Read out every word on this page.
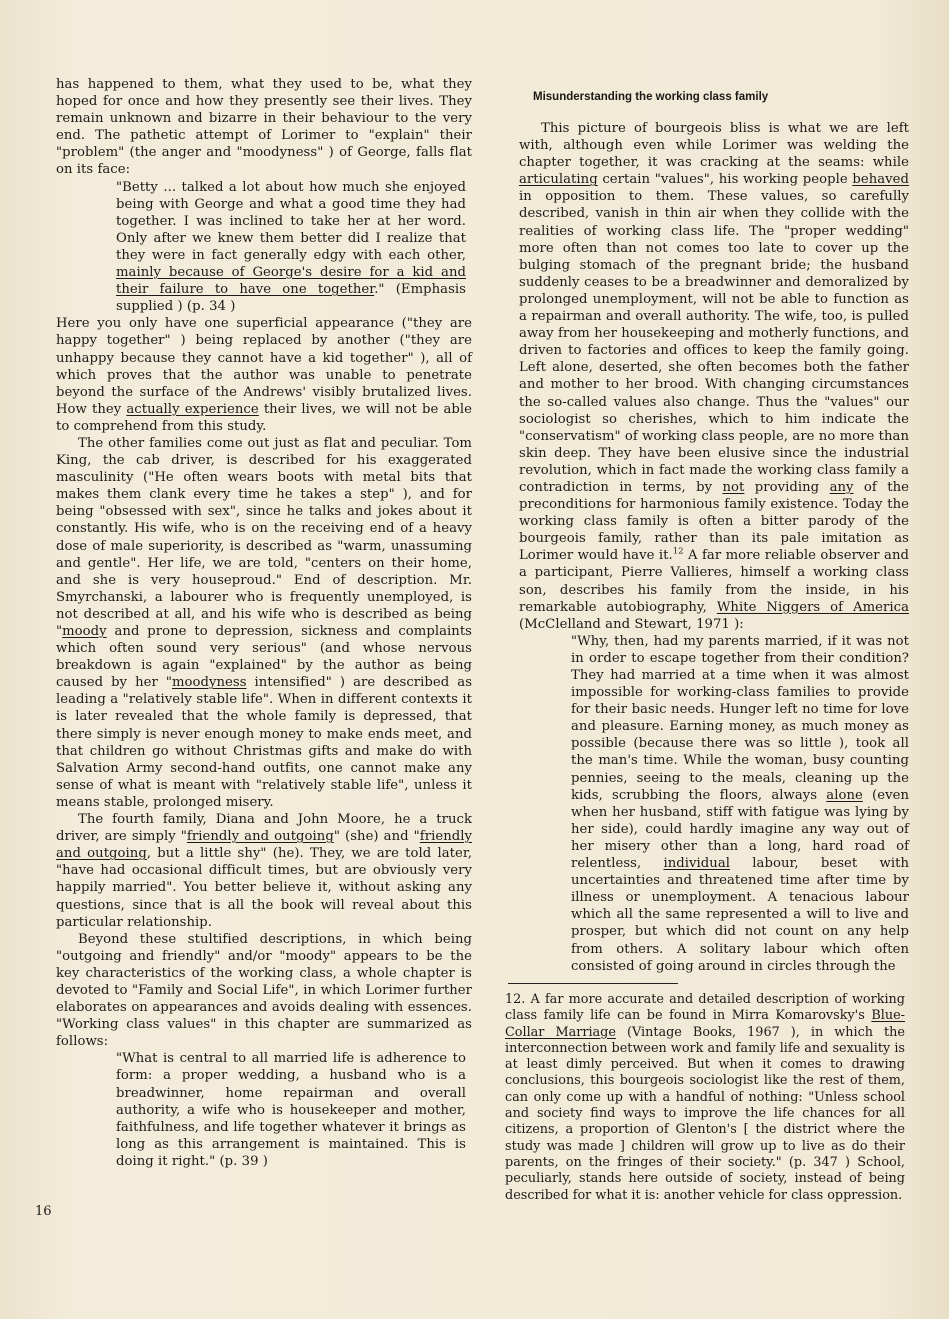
has happened to them, what they used to be, what they hoped for once and how they presently see their lives. They remain unknown and bizarre in their behaviour to the very end. The pathetic attempt of Lorimer to "explain" their "problem" (the anger and "moodyness" ) of George, falls flat on its face:

"Betty ... talked a lot about how much she enjoyed being with George and what a good time they had together. I was inclined to take her at her word. Only after we knew them better did I realize that they were in fact generally edgy with each other, mainly because of George's desire for a kid and their failure to have one together." (Emphasis supplied ) (p. 34 )

Here you only have one superficial appearance ("they are happy together" ) being replaced by another ("they are unhappy because they cannot have a kid together" ), all of which proves that the author was unable to penetrate beyond the surface of the Andrews' visibly brutalized lives. How they actually experience their lives, we will not be able to comprehend from this study.

The other families come out just as flat and peculiar. Tom King, the cab driver, is described for his exaggerated masculinity ("He often wears boots with metal bits that makes them clank every time he takes a step" ), and for being "obsessed with sex", since he talks and jokes about it constantly. His wife, who is on the receiving end of a heavy dose of male superiority, is described as "warm, unassuming and gentle". Her life, we are told, "centers on their home, and she is very houseproud." End of description. Mr. Smyrchanski, a labourer who is frequently unemployed, is not described at all, and his wife who is described as being "moody and prone to depression, sickness and complaints which often sound very serious" (and whose nervous breakdown is again "explained" by the author as being caused by her "moodyness intensified" ) are described as leading a "relatively stable life". When in different contexts it is later revealed that the whole family is depressed, that there simply is never enough money to make ends meet, and that children go without Christmas gifts and make do with Salvation Army second-hand outfits, one cannot make any sense of what is meant with "relatively stable life", unless it means stable, prolonged misery.

The fourth family, Diana and John Moore, he a truck driver, are simply "friendly and outgoing" (she) and "friendly and outgoing, but a little shy" (he). They, we are told later, "have had occasional difficult times, but are obviously very happily married". You better believe it, without asking any questions, since that is all the book will reveal about this particular relationship.

Beyond these stultified descriptions, in which being "outgoing and friendly" and/or "moody" appears to be the key characteristics of the working class, a whole chapter is devoted to "Family and Social Life", in which Lorimer further elaborates on appearances and avoids dealing with essences. "Working class values" in this chapter are summarized as follows:

"What is central to all married life is adherence to form: a proper wedding, a husband who is a breadwinner, home repairman and overall authority, a wife who is housekeeper and mother, faithfulness, and life together whatever it brings as long as this arrangement is maintained. This is doing it right." (p. 39 )

Misunderstanding the working class family

This picture of bourgeois bliss is what we are left with, although even while Lorimer was welding the chapter together, it was cracking at the seams: while articulating certain "values", his working people behaved in opposition to them. These values, so carefully described, vanish in thin air when they collide with the realities of working class life. The "proper wedding" more often than not comes too late to cover up the bulging stomach of the pregnant bride; the husband suddenly ceases to be a breadwinner and demoralized by prolonged unemployment, will not be able to function as a repairman and overall authority. The wife, too, is pulled away from her housekeeping and motherly functions, and driven to factories and offices to keep the family going. Left alone, deserted, she often becomes both the father and mother to her brood. With changing circumstances the so-called values also change. Thus the "values" our sociologist so cherishes, which to him indicate the "conservatism" of working class people, are no more than skin deep. They have been elusive since the industrial revolution, which in fact made the working class family a contradiction in terms, by not providing any of the preconditions for harmonious family existence. Today the working class family is often a bitter parody of the bourgeois family, rather than its pale imitation as Lorimer would have it.$^{12}$ A far more reliable observer and a participant, Pierre Vallieres, himself a working class son, describes his family from the inside, in his remarkable autobiography, White Niggers of America (McClelland and Stewart, 1971 ):

"Why, then, had my parents married, if it was not in order to escape together from their condition? They had married at a time when it was almost impossible for working-class families to provide for their basic needs. Hunger left no time for love and pleasure. Earning money, as much money as possible (because there was so little ), took all the man's time. While the woman, busy counting pennies, seeing to the meals, cleaning up the kids, scrubbing the floors, always alone (even when her husband, stiff with fatigue was lying by her side), could hardly imagine any way out of her misery other than a long, hard road of relentless, individual labour, beset with uncertainties and threatened time after time by illness or unemployment. A tenacious labour which all the same represented a will to live and prosper, but which did not count on any help from others. A solitary labour which often consisted of going around in circles through the

12. A far more accurate and detailed description of working class family life can be found in Mirra Komarovsky's Blue-Collar Marriage (Vintage Books, 1967 ), in which the interconnection between work and family life and sexuality is at least dimly perceived. But when it comes to drawing conclusions, this bourgeois sociologist like the rest of them, can only come up with a handful of nothing: "Unless school and society find ways to improve the life chances for all citizens, a proportion of Glenton's [ the district where the study was made ] children will grow up to live as do their parents, on the fringes of their society." (p. 347 ) School, peculiarly, stands here outside of society, instead of being described for what it is: another vehicle for class oppression.

16
